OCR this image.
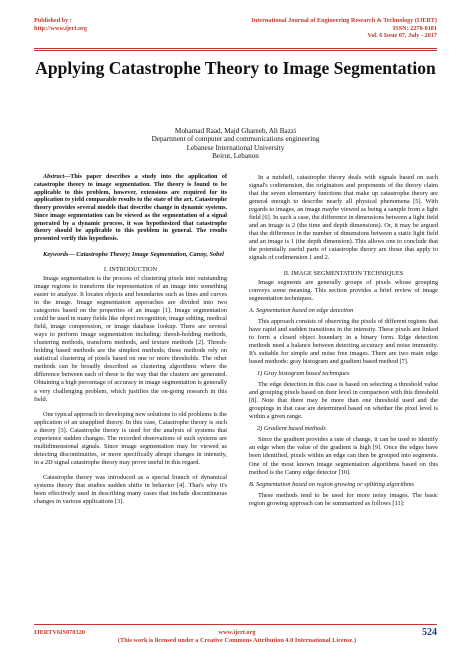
Published by :
http://www.ijert.org
International Journal of Engineering Research & Technology (IJERT)
ISSN: 2278-0181
Vol. 6 Issue 07, July - 2017
Applying Catastrophe Theory to Image Segmentation
Mohamad Raad, Majd Ghareeb, Ali Bazzi
Department of computer and communications engineering
Lebanese International University
Beirut, Lebanon

Abstract—This paper describes a study into the application of catastrophe theory to image segmentation. The theory is found to be applicable to this problem, however, extensions are required for its application to yield comparable results to the state of the art. Catastrophe theory provides several models that describe change in dynamic systems. Since image segmentation can be viewed as the segmentation of a signal generated by a dynamic process, it was hypothesized that catastrophe theory should be applicable to this problem in general. The results presented verify this hypothesis.

Keywords— Catastrophe Theory; Image Segmentation, Canny, Sobel

I. INTRODUCTION

Image segmentation is the process of clustering pixels into outstanding image regions to transform the representation of an image into something easier to analyze. It locates objects and boundaries such as lines and curves in the image. Image segmentation approaches are divided into two categories based on the properties of an image [1]. Image segmentation could be used in many fields like object recognition, image editing, medical field, image compression, or image database lookup. There are several ways to perform image segmentation including: thresh-holding methods, clustering methods, transform methods, and texture methods [2]. Thresh-holding based methods are the simplest methods; these methods rely on statistical clustering of pixels based on one or more thresholds. The other methods can be broadly described as clustering algorithms where the difference between each of these is the way that the clusters are generated. Obtaining a high percentage of accuracy in image segmentation is generally a very challenging problem, which justifies the on-going research in this field.

One typical approach to developing new solutions to old problems is the application of an unapplied theory. In this case, Catastrophe theory is such a theory [3]. Catastrophe theory is used for the analysis of systems that experience sudden changes. The recorded observations of such systems are multidimensional signals. Since image segmentation may be viewed as detecting discontinuities, or more specifically abrupt changes in intensity, in a 2D signal catastrophe theory may prove useful in this regard.

Catastrophe theory was introduced as a special branch of dynamical systems theory that studies sudden shifts in behavior [4]. That's why it's been effectively used in describing many cases that include discontinuous changes in various applications [3].

In a nutshell, catastrophe theory deals with signals based on each signal's codimension, the originators and proponents of the theory claim that the seven elementary functions that make up catastrophe theory are general enough to describe nearly all physical phenomena [5]. With regards to images, an image maybe viewed as being a sample from a light field [6]. In such a case, the difference in dimensions between a light field and an image is 2 (the time and depth dimensions). Or, it may be argued that the difference in the number of dimensions between a static light field and an image is 1 (the depth dimension). This allows one to conclude that the potentially useful parts of catastrophe theory are those that apply to signals of codimension 1 and 2.

II. IMAGE SEGMENTATION TECHNIQUES

Image segments are generally groups of pixels whose grouping conveys some meaning. This section provides a brief review of image segmentation techniques.

A. Segmentation based on edge detection

This approach consists of observing the pixels of different regions that have rapid and sudden transitions in the intensity. These pixels are linked to form a closed object boundary in a binary form. Edge detection methods need a balance between detecting accuracy and noise immunity. It's suitable for simple and noise free images. There are two main edge based methods: gray histogram and gradient based method [7].

1) Gray histogram based techniques

The edge detection in this case is based on selecting a threshold value and grouping pixels based on their level in comparison with this threshold [8]. Note that there may be more than one threshold used and the groupings in that case are determined based on whether the pixel level is within a given range.

2) Gradient based methods

Since the gradient provides a rate of change, it can be used to identify an edge when the value of the gradient is high [9]. Once the edges have been identified, pixels within an edge can then be grouped into segments. One of the most known image segmentation algorithms based on this method is the Canny edge detector [10].

B. Segmentation based on region growing or splitting algorithms

These methods tend to be used for more noisy images. The basic region growing approach can be summarized as follows [11]:

IJERTV6IS070320	www.ijert.org
(This work is licensed under a Creative Commons Attribution 4.0 International License.)
524
